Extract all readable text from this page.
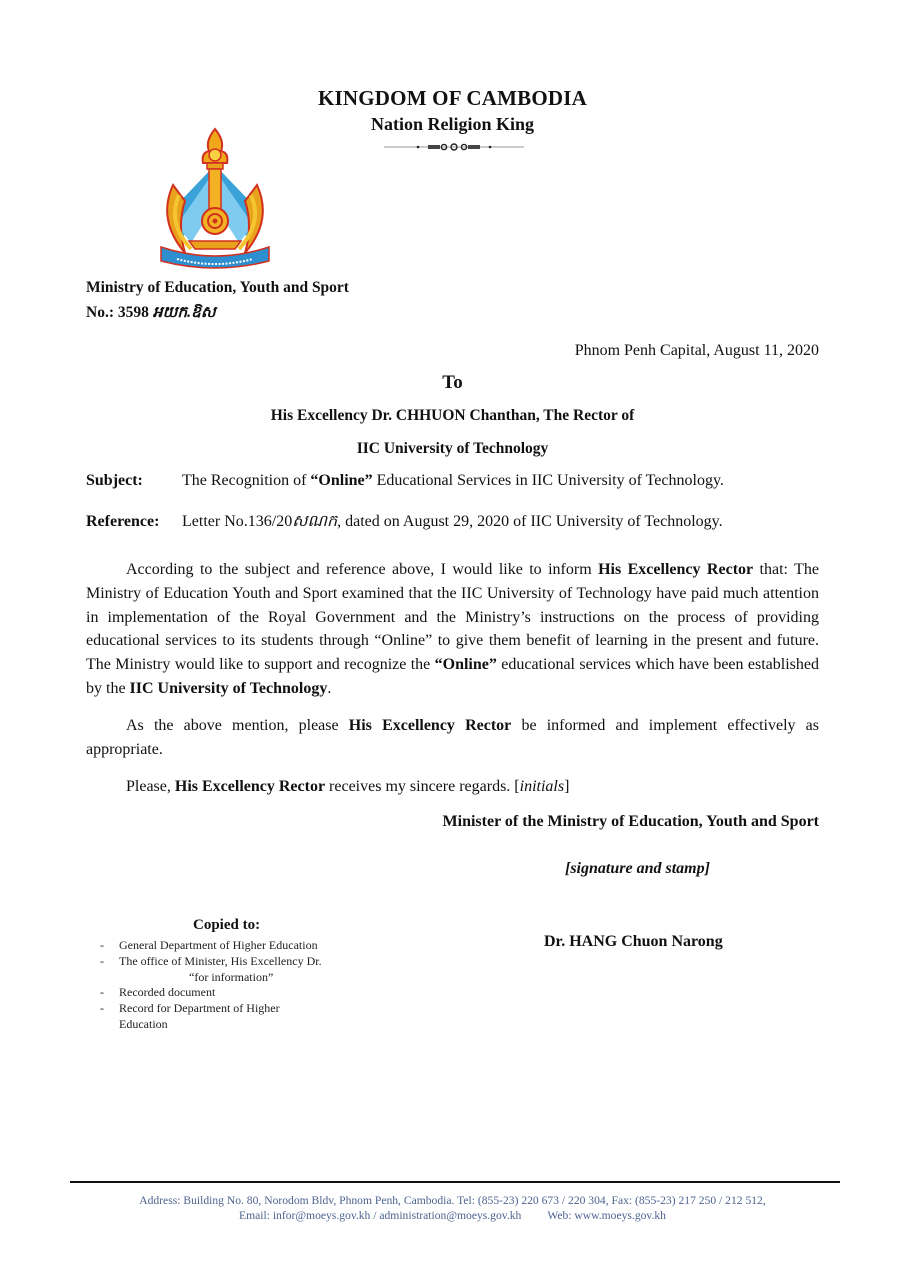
KINGDOM OF CAMBODIA
Nation Religion King
Ministry of Education, Youth and Sport
No.: 3598 អយក.ឱស
Phnom Penh Capital, August 11, 2020
To
His Excellency Dr. CHHUON Chanthan, The Rector of
IIC University of Technology
Subject: The Recognition of “Online” Educational Services in IIC University of Technology.
Reference: Letter No.136/20សណក, dated on August 29, 2020 of IIC University of Technology.
According to the subject and reference above, I would like to inform His Excellency Rector that: The Ministry of Education Youth and Sport examined that the IIC University of Technology have paid much attention in implementation of the Royal Government and the Ministry’s instructions on the process of providing educational services to its students through “Online” to give them benefit of learning in the present and future. The Ministry would like to support and recognize the “Online” educational services which have been established by the IIC University of Technology.
As the above mention, please His Excellency Rector be informed and implement effectively as appropriate.
Please, His Excellency Rector receives my sincere regards. [initials]
Minister of the Ministry of Education, Youth and Sport
[signature and stamp]
Dr. HANG Chuon Narong
Copied to:
- General Department of Higher Education
- The office of Minister, His Excellency Dr.
“for information”
- Recorded document
- Record for Department of Higher Education
Address: Building No. 80, Norodom Bldv, Phnom Penh, Cambodia. Tel: (855-23) 220 673 / 220 304, Fax: (855-23) 217 250 / 212 512,
Email: infor@moeys.gov.kh / administration@moeys.gov.kh Web: www.moeys.gov.kh
